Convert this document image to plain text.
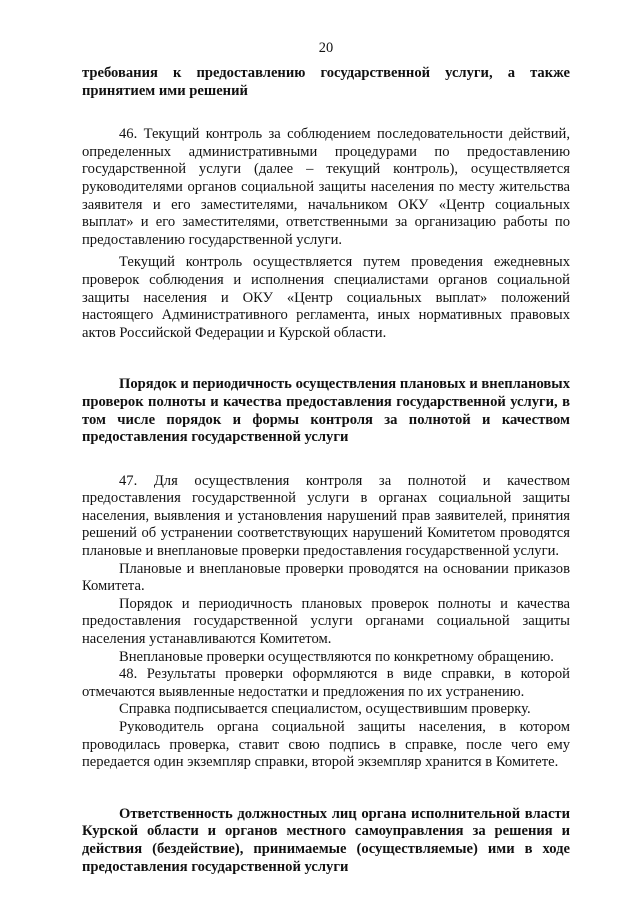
20

требования к предоставлению государственной услуги, а также принятием ими решений

46. Текущий контроль за соблюдением последовательности действий, определенных административными процедурами по предоставлению государственной услуги (далее – текущий контроль), осуществляется руководителями органов социальной защиты населения по месту жительства заявителя и его заместителями, начальником ОКУ «Центр социальных выплат» и его заместителями, ответственными за организацию работы по предоставлению государственной услуги.

Текущий контроль осуществляется путем проведения ежедневных проверок соблюдения и исполнения специалистами органов социальной защиты населения и ОКУ «Центр социальных выплат» положений настоящего Административного регламента, иных нормативных правовых актов Российской Федерации и Курской области.

Порядок и периодичность осуществления плановых и внеплановых проверок полноты и качества предоставления государственной услуги, в том числе порядок и формы контроля за полнотой и качеством предоставления государственной услуги

47. Для осуществления контроля за полнотой и качеством предоставления государственной услуги в органах социальной защиты населения, выявления и установления нарушений прав заявителей, принятия решений об устранении соответствующих нарушений Комитетом проводятся плановые и внеплановые проверки предоставления государственной услуги.

Плановые и внеплановые проверки проводятся на основании приказов Комитета.

Порядок и периодичность плановых проверок полноты и качества предоставления государственной услуги органами социальной защиты населения устанавливаются Комитетом.

Внеплановые проверки осуществляются по конкретному обращению.

48. Результаты проверки оформляются в виде справки, в которой отмечаются выявленные недостатки и предложения по их устранению.

Справка подписывается специалистом, осуществившим проверку.

Руководитель органа социальной защиты населения, в котором проводилась проверка, ставит свою подпись в справке, после чего ему передается один экземпляр справки, второй экземпляр хранится в Комитете.

Ответственность должностных лиц органа исполнительной власти Курской области и органов местного самоуправления за решения и действия (бездействие), принимаемые (осуществляемые) ими в ходе предоставления государственной услуги
